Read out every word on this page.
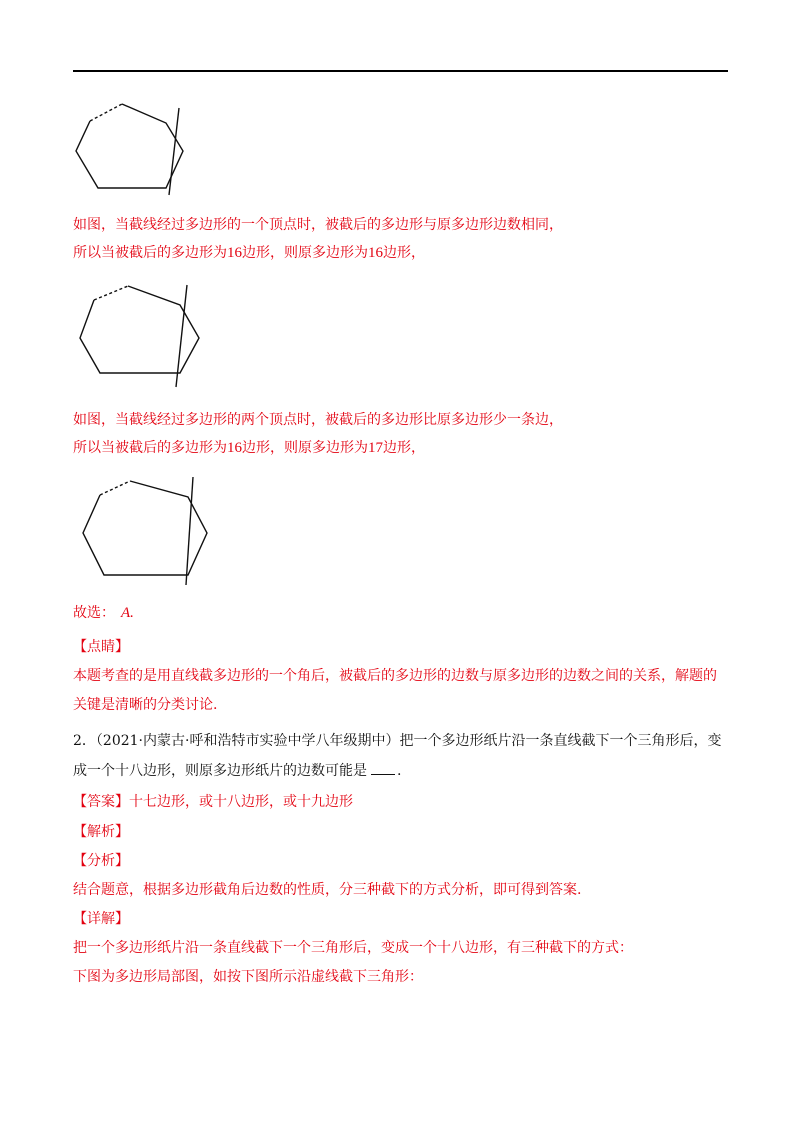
如图，当截线经过多边形的一个顶点时，被截后的多边形与原多边形边数相同，
所以当被截后的多边形为16边形，则原多边形为16边形，
如图，当截线经过多边形的两个顶点时，被截后的多边形比原多边形少一条边，
所以当被截后的多边形为16边形，则原多边形为17边形，
故选： A.
【点睛】
本题考查的是用直线截多边形的一个角后，被截后的多边形的边数与原多边形的边数之间的关系，解题的
关键是清晰的分类讨论.
2．（2021·内蒙古·呼和浩特市实验中学八年级期中）把一个多边形纸片沿一条直线截下一个三角形后，变
成一个十八边形，则原多边形纸片的边数可能是 .
【答案】十七边形，或十八边形，或十九边形
【解析】
【分析】
结合题意，根据多边形截角后边数的性质，分三种截下的方式分析，即可得到答案.
【详解】
把一个多边形纸片沿一条直线截下一个三角形后，变成一个十八边形，有三种截下的方式：
下图为多边形局部图，如按下图所示沿虚线截下三角形：
